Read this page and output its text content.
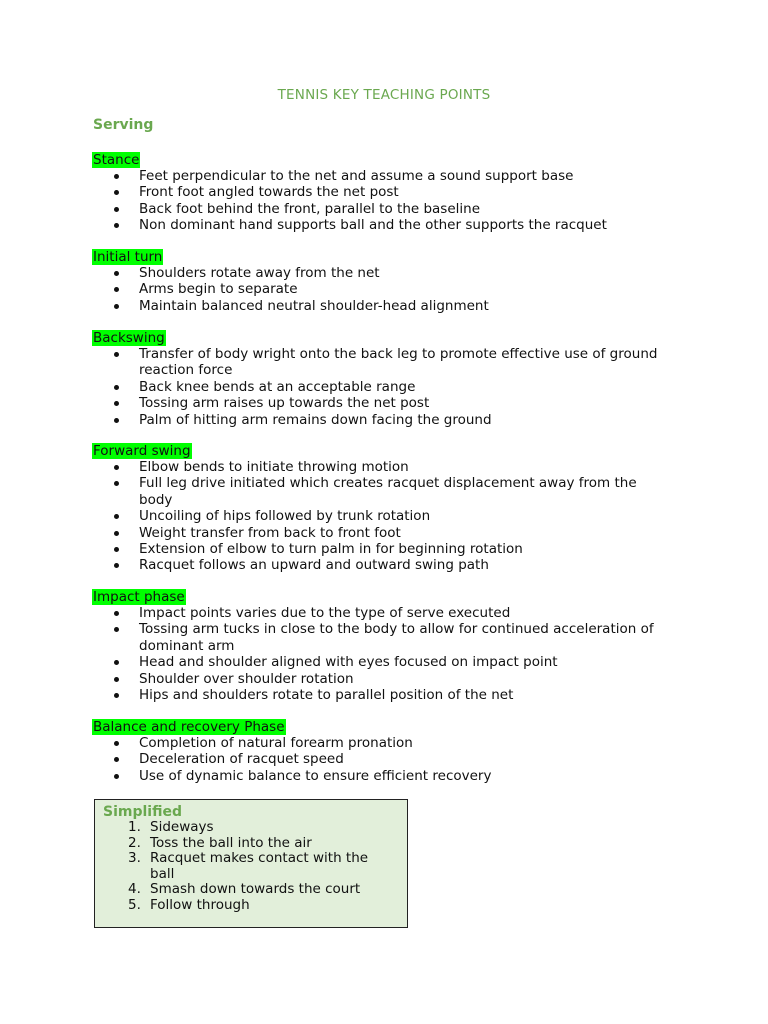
TENNIS KEY TEACHING POINTS
Serving
Stance
Feet perpendicular to the net and assume a sound support base
Front foot angled towards the net post
Back foot behind the front, parallel to the baseline
Non dominant hand supports ball and the other supports the racquet
Initial turn
Shoulders rotate away from the net
Arms begin to separate
Maintain balanced neutral shoulder-head alignment
Backswing
Transfer of body wright onto the back leg to promote effective use of ground reaction force
Back knee bends at an acceptable range
Tossing arm raises up towards the net post
Palm of hitting arm remains down facing the ground
Forward swing
Elbow bends to initiate throwing motion
Full leg drive initiated which creates racquet displacement away from the body
Uncoiling of hips followed by trunk rotation
Weight transfer from back to front foot
Extension of elbow to turn palm in for beginning rotation
Racquet follows an upward and outward swing path
Impact phase
Impact points varies due to the type of serve executed
Tossing arm tucks in close to the body to allow for continued acceleration of dominant arm
Head and shoulder aligned with eyes focused on impact point
Shoulder over shoulder rotation
Hips and shoulders rotate to parallel position of the net
Balance and recovery Phase
Completion of natural forearm pronation
Deceleration of racquet speed
Use of dynamic balance to ensure efficient recovery
Simplified
1. Sideways
2. Toss the ball into the air
3. Racquet makes contact with the ball
4. Smash down towards the court
5. Follow through
